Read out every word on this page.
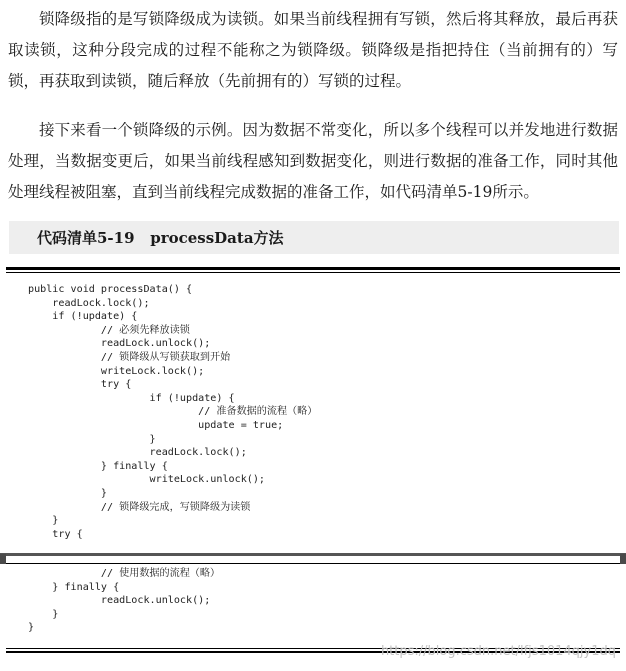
锁降级指的是写锁降级成为读锁。如果当前线程拥有写锁，然后将其释放，最后再获取读锁，这种分段完成的过程不能称之为锁降级。锁降级是指把持住（当前拥有的）写锁，再获取到读锁，随后释放（先前拥有的）写锁的过程。

接下来看一个锁降级的示例。因为数据不常变化，所以多个线程可以并发地进行数据处理，当数据变更后，如果当前线程感知到数据变化，则进行数据的准备工作，同时其他处理线程被阻塞，直到当前线程完成数据的准备工作，如代码清单5-19所示。

代码清单5-19   processData方法
public void processData() {
readLock.lock();
if (!update) {
// 必须先释放读锁
readLock.unlock();
// 锁降级从写锁获取到开始
writeLock.lock();
try {
if (!update) {
// 准备数据的流程（略）
update = true;
}
readLock.lock();
} finally {
writeLock.unlock();
}
// 锁降级完成，写锁降级为读锁
}
try {
// 使用数据的流程（略）
} finally {
readLock.unlock();
}
}
https://blog.csdn.net/lfjs1014qjy1dq
